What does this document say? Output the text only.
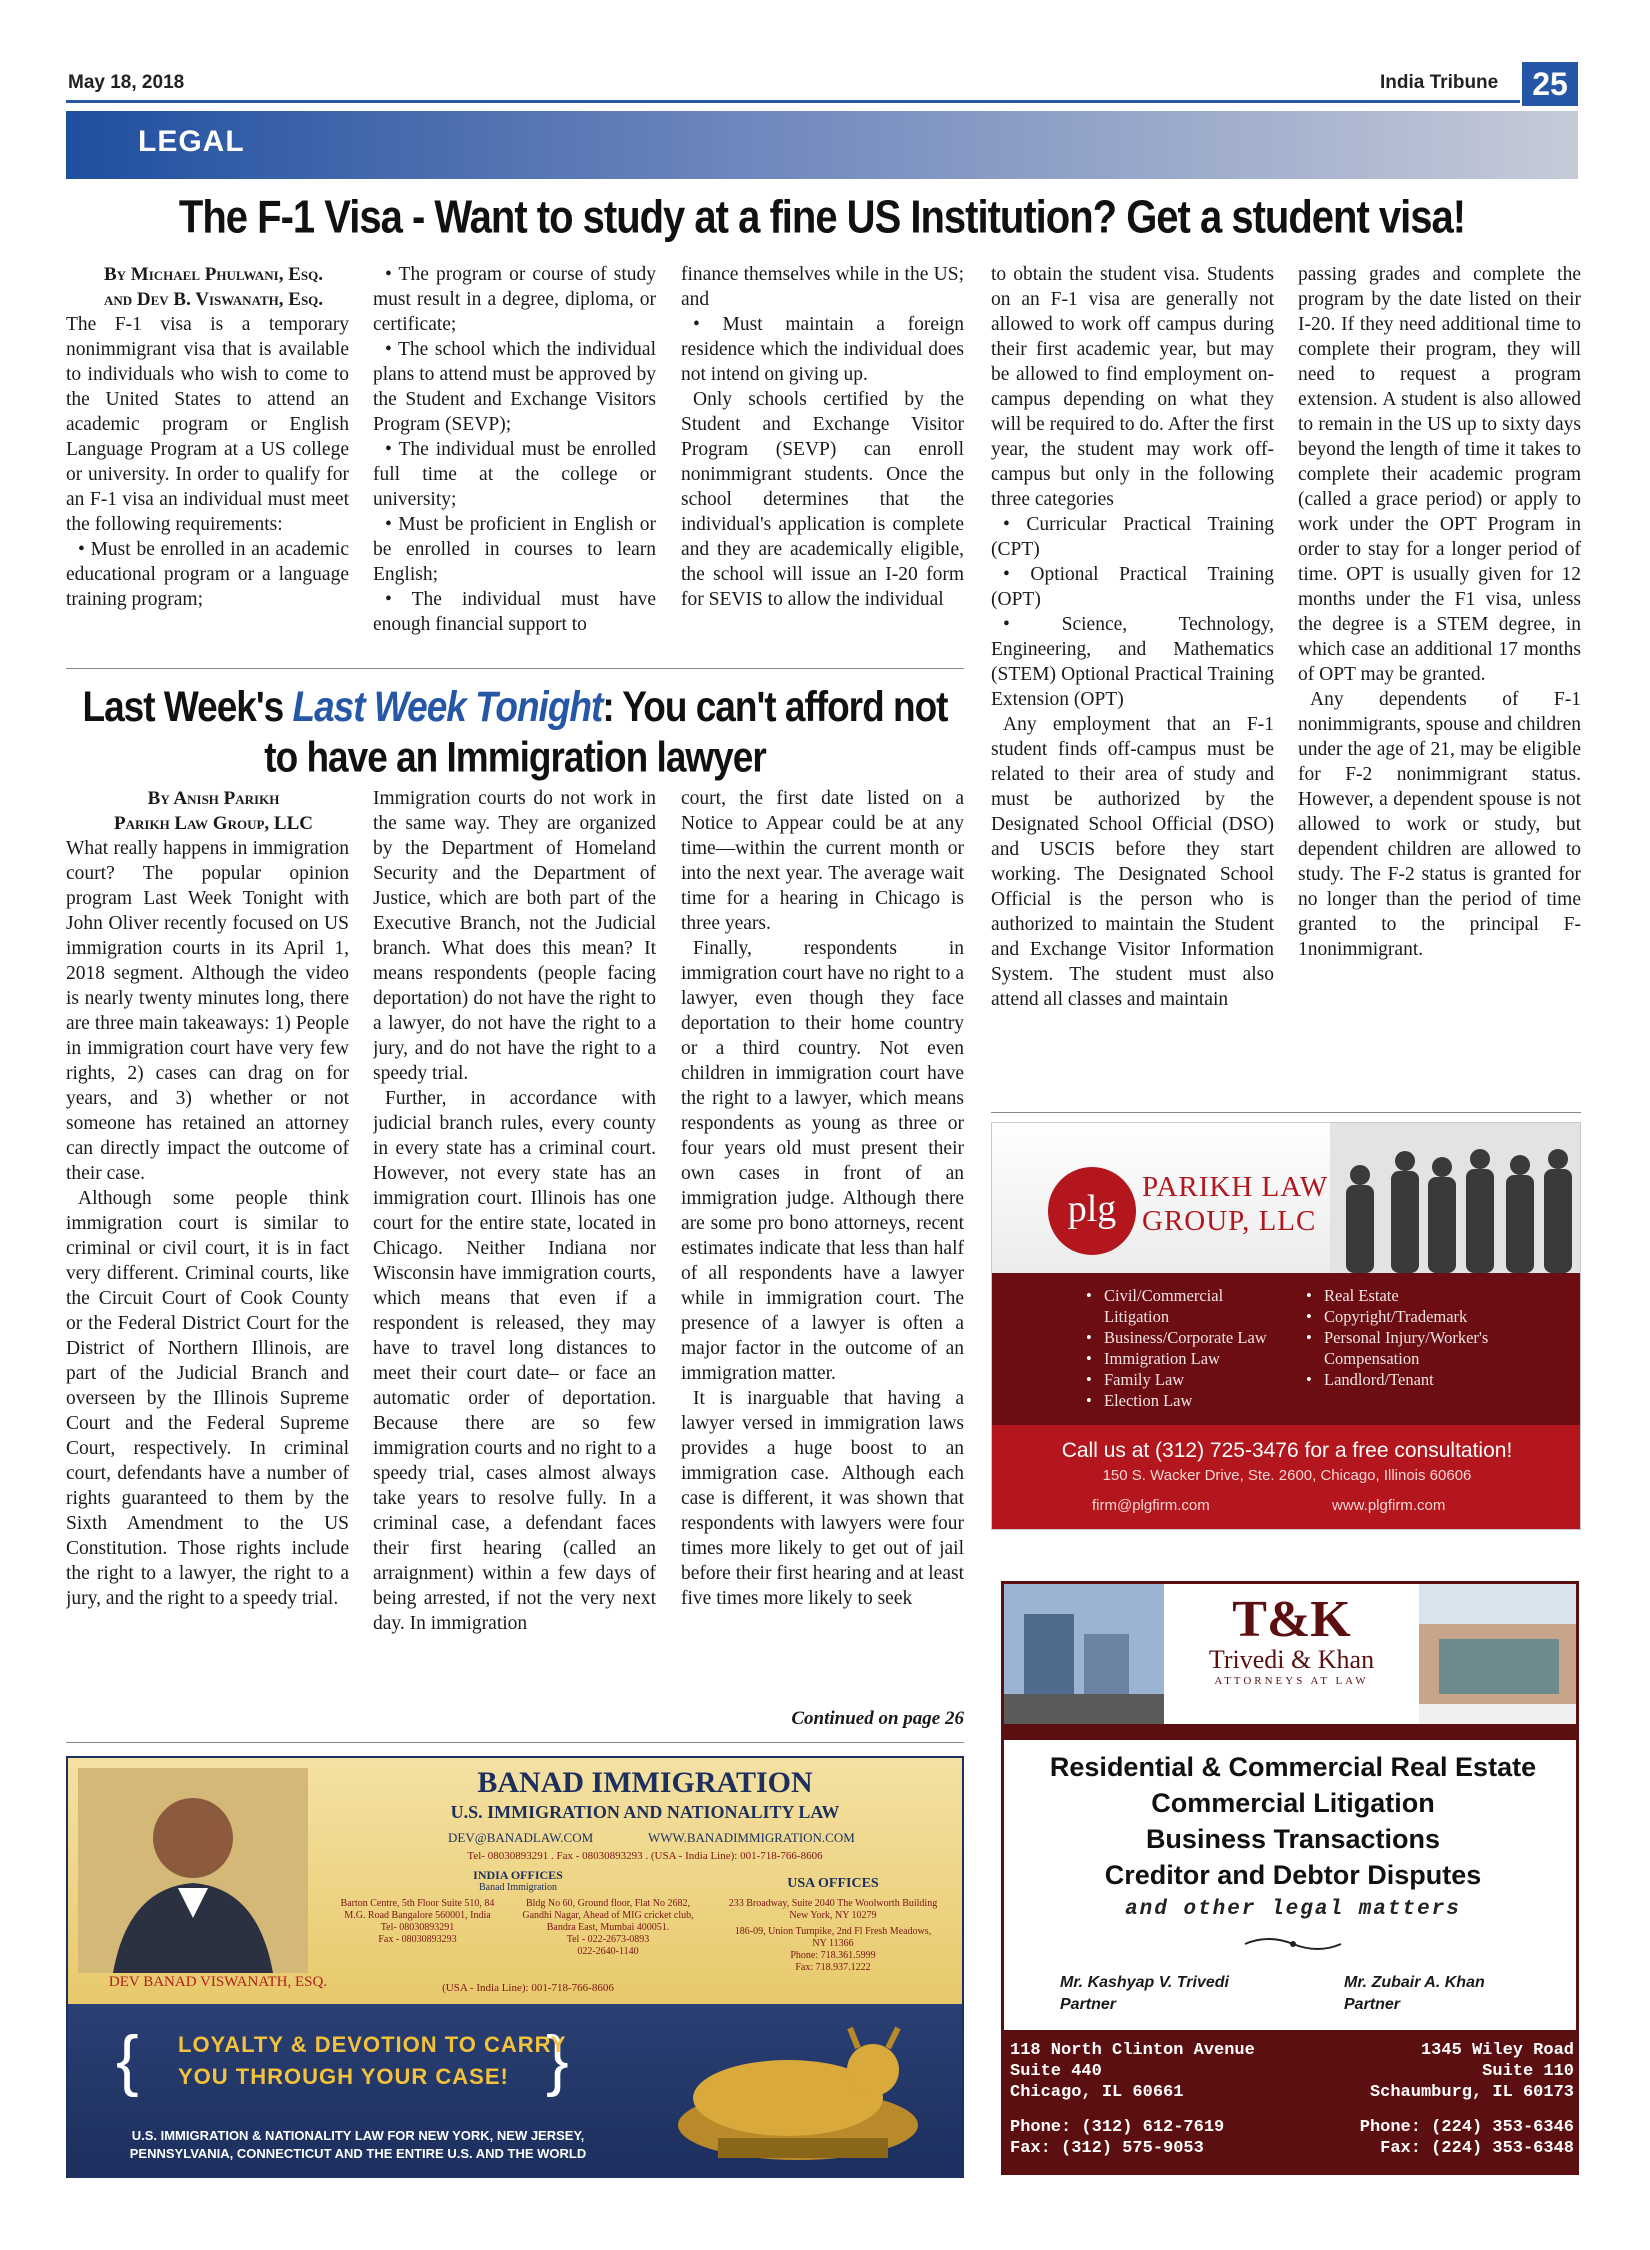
May 18, 2018	India Tribune	25
LEGAL
The F-1 Visa - Want to study at a fine US Institution? Get a student visa!

By Michael Phulwani, Esq.

and Dev B. Viswanath, Esq.

The F-1 visa is a temporary nonimmigrant visa that is available to individuals who wish to come to the United States to attend an academic program or English Language Program at a US college or university. In order to qualify for an F-1 visa an individual must meet the following requirements:

• Must be enrolled in an academic educational program or a language training program;

• The program or course of study must result in a degree, diploma, or certificate;

• The school which the individual plans to attend must be approved by the Student and Exchange Visitors Program (SEVP);

• The individual must be enrolled full time at the college or university;

• Must be proficient in English or be enrolled in courses to learn English;

• The individual must have enough financial support to

finance themselves while in the US; and

• Must maintain a foreign residence which the individual does not intend on giving up.

Only schools certified by the Student and Exchange Visitor Program (SEVP) can enroll nonimmigrant students. Once the school determines that the individual's application is complete and they are academically eligible, the school will issue an I-20 form for SEVIS to allow the individual

to obtain the student visa. Students on an F-1 visa are generally not allowed to work off campus during their first academic year, but may be allowed to find employment on-campus depending on what they will be required to do. After the first year, the student may work off-campus but only in the following three categories

• Curricular Practical Training (CPT)

• Optional Practical Training (OPT)

• Science, Technology, Engineering, and Mathematics (STEM) Optional Practical Training Extension (OPT)

Any employment that an F-1 student finds off-campus must be related to their area of study and must be authorized by the Designated School Official (DSO) and USCIS before they start working. The Designated School Official is the person who is authorized to maintain the Student and Exchange Visitor Information System. The student must also attend all classes and maintain

passing grades and complete the program by the date listed on their I-20. If they need additional time to complete their program, they will need to request a program extension. A student is also allowed to remain in the US up to sixty days beyond the length of time it takes to complete their academic program (called a grace period) or apply to work under the OPT Program in order to stay for a longer period of time. OPT is usually given for 12 months under the F1 visa, unless the degree is a STEM degree, in which case an additional 17 months of OPT may be granted.

Any dependents of F-1 nonimmigrants, spouse and children under the age of 21, may be eligible for F-2 nonimmigrant status. However, a dependent spouse is not allowed to work or study, but dependent children are allowed to study. The F-2 status is granted for no longer than the period of time granted to the principal F-1nonimmigrant.

Last Week's Last Week Tonight: You can't afford not
to have an Immigration lawyer

By Anish Parikh

Parikh Law Group, LLC

What really happens in immigration court? The popular opinion program Last Week Tonight with John Oliver recently focused on US immigration courts in its April 1, 2018 segment. Although the video is nearly twenty minutes long, there are three main takeaways: 1) People in immigration court have very few rights, 2) cases can drag on for years, and 3) whether or not someone has retained an attorney can directly impact the outcome of their case.

Although some people think immigration court is similar to criminal or civil court, it is in fact very different. Criminal courts, like the Circuit Court of Cook County or the Federal District Court for the District of Northern Illinois, are part of the Judicial Branch and overseen by the Illinois Supreme Court and the Federal Supreme Court, respectively. In criminal court, defendants have a number of rights guaranteed to them by the Sixth Amendment to the US Constitution. Those rights include the right to a lawyer, the right to a jury, and the right to a speedy trial.

Immigration courts do not work in the same way. They are organized by the Department of Homeland Security and the Department of Justice, which are both part of the Executive Branch, not the Judicial branch. What does this mean? It means respondents (people facing deportation) do not have the right to a lawyer, do not have the right to a jury, and do not have the right to a speedy trial.

Further, in accordance with judicial branch rules, every county in every state has a criminal court. However, not every state has an immigration court. Illinois has one court for the entire state, located in Chicago. Neither Indiana nor Wisconsin have immigration courts, which means that even if a respondent is released, they may have to travel long distances to meet their court date– or face an automatic order of deportation. Because there are so few immigration courts and no right to a speedy trial, cases almost always take years to resolve fully. In a criminal case, a defendant faces their first hearing (called an arraignment) within a few days of being arrested, if not the very next day. In immigration

court, the first date listed on a Notice to Appear could be at any time—within the current month or into the next year. The average wait time for a hearing in Chicago is three years.

Finally, respondents in immigration court have no right to a lawyer, even though they face deportation to their home country or a third country. Not even children in immigration court have the right to a lawyer, which means respondents as young as three or four years old must present their own cases in front of an immigration judge. Although there are some pro bono attorneys, recent estimates indicate that less than half of all respondents have a lawyer while in immigration court. The presence of a lawyer is often a major factor in the outcome of an immigration matter.

It is inarguable that having a lawyer versed in immigration laws provides a huge boost to an immigration case. Although each case is different, it was shown that respondents with lawyers were four times more likely to get out of jail before their first hearing and at least five times more likely to seek

Continued on page 26
plg
PARIKH LAW
GROUP, LLC
• Civil/Commercial Litigation
• Business/Corporate Law
• Immigration Law
• Family Law
• Election Law
• Real Estate
• Copyright/Trademark
• Personal Injury/Worker's Compensation
• Landlord/Tenant
Call us at (312) 725-3476 for a free consultation!
150 S. Wacker Drive, Ste. 2600, Chicago, Illinois 60606
firm@plgfirm.com	www.plgfirm.com
T&K
Trivedi & Khan
ATTORNEYS AT LAW
Residential & Commercial Real Estate
Commercial Litigation
Business Transactions
Creditor and Debtor Disputes
and other legal matters
Mr. Kashyap V. Trivedi
Partner
Mr. Zubair A. Khan
Partner
118 North Clinton Avenue
Suite 440
Chicago, IL 60661
Phone: (312) 612-7619
Fax: (312) 575-9053
1345 Wiley Road
Suite 110
Schaumburg, IL 60173
Phone: (224) 353-6346
Fax: (224) 353-6348
DEV BANAD VISWANATH, ESQ.
BANAD IMMIGRATION
U.S. IMMIGRATION AND NATIONALITY LAW
DEV@BANADLAW.COM	WWW.BANADIMMIGRATION.COM
Tel- 08030893291 . Fax - 08030893293 . (USA - India Line): 001-718-766-8606
INDIA OFFICES
Banad Immigration
Barton Centre, 5th Floor Suite 510, 84 M.G. Road Bangalore 560001, India
Tel- 08030893291
Fax - 08030893293
Bldg No 60, Ground floor, Flat No 2682, Gandhi Nagar, Ahead of MIG cricket club, Bandra East, Mumbai 400051.
Tel - 022-2673-0893
022-2640-1140
USA OFFICES
233 Broadway, Suite 2040 The Woolworth Building New York, NY 10279
186-09, Union Turnpike, 2nd Fl Fresh Meadows, NY 11366
Phone: 718.361.5999
Fax: 718.937.1222
(USA - India Line): 001-718-766-8606
{	}
LOYALTY & DEVOTION TO CARRY
YOU THROUGH YOUR CASE!
U.S. IMMIGRATION & NATIONALITY LAW FOR NEW YORK, NEW JERSEY,
PENNSYLVANIA, CONNECTICUT AND THE ENTIRE U.S. AND THE WORLD
